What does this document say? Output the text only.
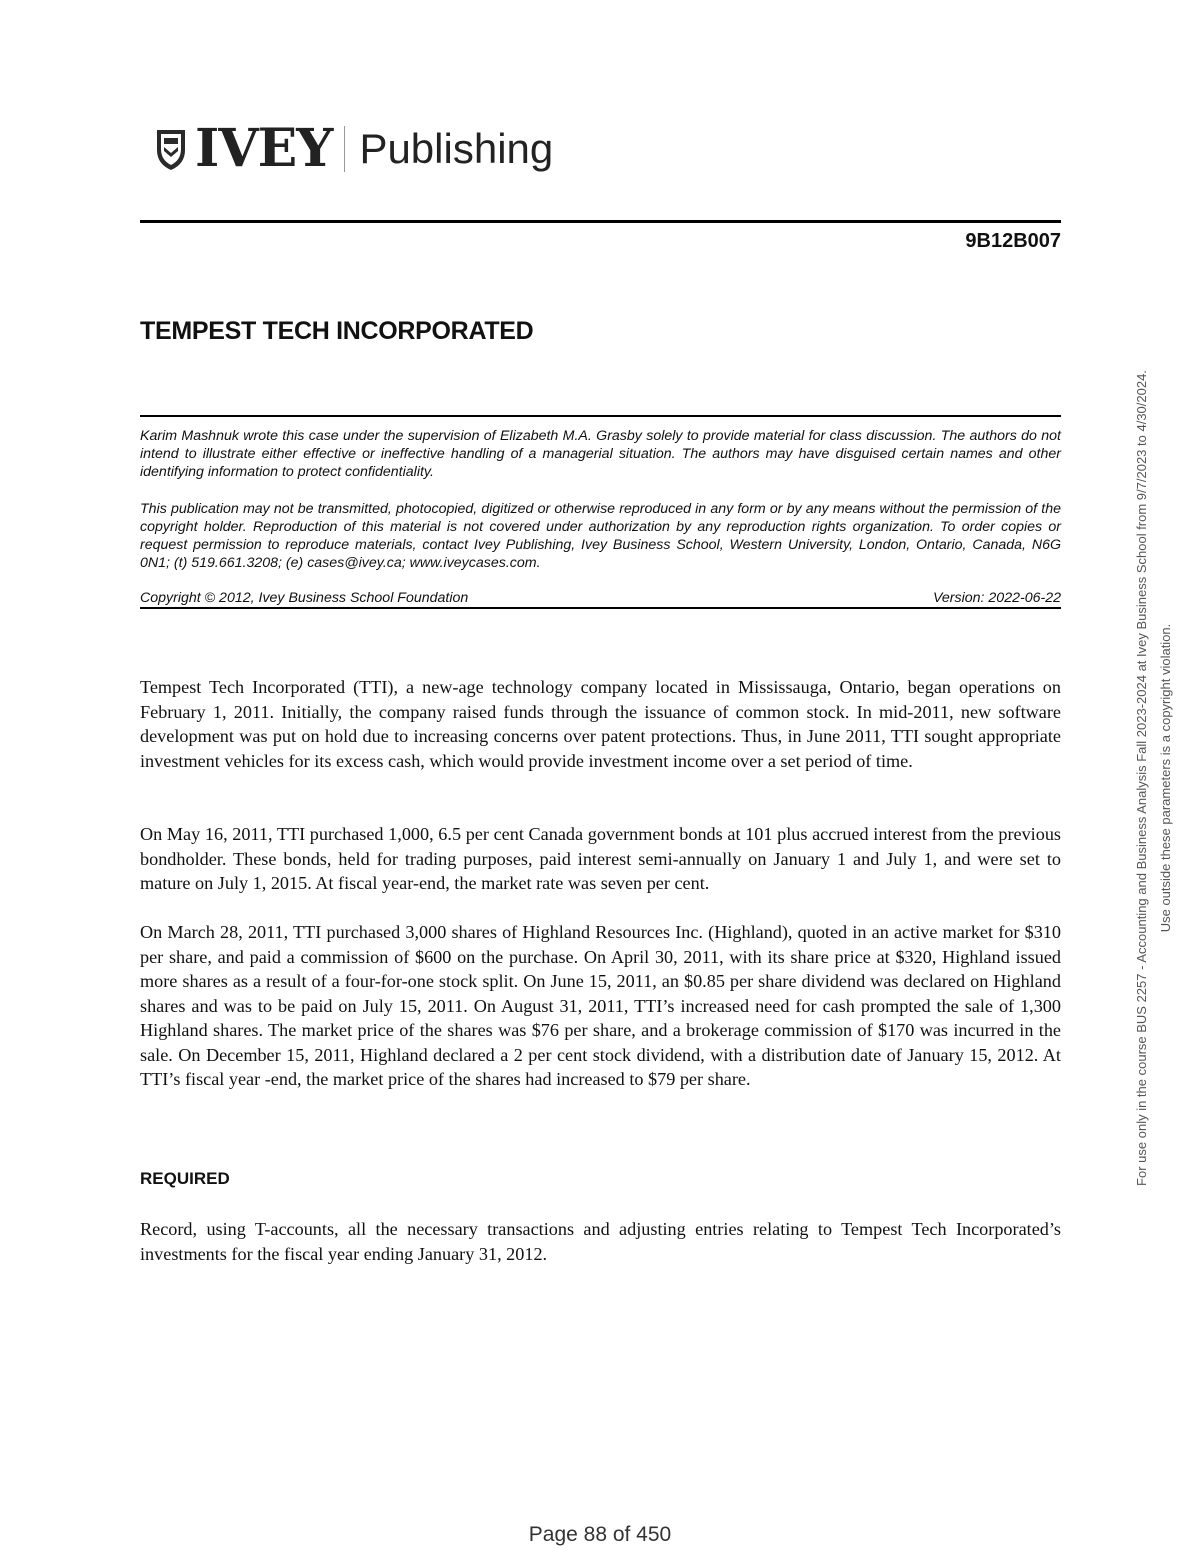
IVEY Publishing
9B12B007
TEMPEST TECH INCORPORATED

Karim Mashnuk wrote this case under the supervision of Elizabeth M.A. Grasby solely to provide material for class discussion. The authors do not intend to illustrate either effective or ineffective handling of a managerial situation. The authors may have disguised certain names and other identifying information to protect confidentiality.

This publication may not be transmitted, photocopied, digitized or otherwise reproduced in any form or by any means without the permission of the copyright holder. Reproduction of this material is not covered under authorization by any reproduction rights organization. To order copies or request permission to reproduce materials, contact Ivey Publishing, Ivey Business School, Western University, London, Ontario, Canada, N6G 0N1; (t) 519.661.3208; (e) cases@ivey.ca; www.iveycases.com.

Copyright © 2012, Ivey Business School Foundation	Version: 2022-06-22

Tempest Tech Incorporated (TTI), a new-age technology company located in Mississauga, Ontario, began operations on February 1, 2011. Initially, the company raised funds through the issuance of common stock. In mid-2011, new software development was put on hold due to increasing concerns over patent protections. Thus, in June 2011, TTI sought appropriate investment vehicles for its excess cash, which would provide investment income over a set period of time.

On May 16, 2011, TTI purchased 1,000, 6.5 per cent Canada government bonds at 101 plus accrued interest from the previous bondholder. These bonds, held for trading purposes, paid interest semi-annually on January 1 and July 1, and were set to mature on July 1, 2015. At fiscal year-end, the market rate was seven per cent.

On March 28, 2011, TTI purchased 3,000 shares of Highland Resources Inc. (Highland), quoted in an active market for $310 per share, and paid a commission of $600 on the purchase. On April 30, 2011, with its share price at $320, Highland issued more shares as a result of a four-for-one stock split. On June 15, 2011, an $0.85 per share dividend was declared on Highland shares and was to be paid on July 15, 2011. On August 31, 2011, TTI’s increased need for cash prompted the sale of 1,300 Highland shares. The market price of the shares was $76 per share, and a brokerage commission of $170 was incurred in the sale. On December 15, 2011, Highland declared a 2 per cent stock dividend, with a distribution date of January 15, 2012. At TTI’s fiscal year -end, the market price of the shares had increased to $79 per share.

REQUIRED

Record, using T-accounts, all the necessary transactions and adjusting entries relating to Tempest Tech Incorporated’s investments for the fiscal year ending January 31, 2012.

For use only in the course BUS 2257 - Accounting and Business Analysis Fall 2023-2024 at Ivey Business School from 9/7/2023 to 4/30/2024. Use outside these parameters is a copyright violation.
Page 88 of 450
